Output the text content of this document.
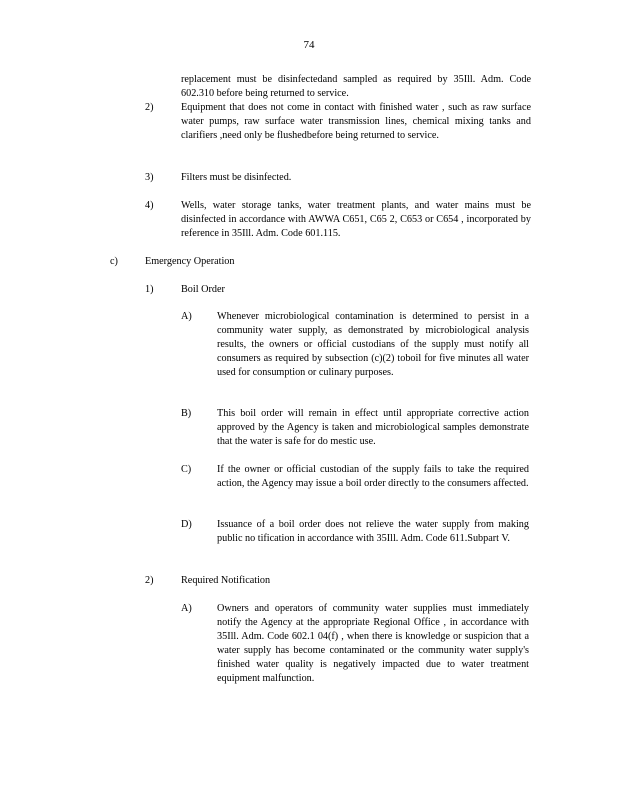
74
replacement must be disinfectedand sampled as required by 35Ill. Adm. Code 602.310 before being returned to service.
2)	Equipment that does not come in contact with finished water , such as raw surface water pumps, raw surface water transmission lines, chemical mixing tanks and clarifiers ,need only be flushedbefore being returned to service.
3)	Filters must be disinfected.
4)	Wells, water storage tanks, water treatment plants, and water mains must be disinfected in accordance with AWWA C651, C65 2, C653 or C654 , incorporated by reference in 35Ill. Adm. Code 601.115.
c)	Emergency Operation
1)	Boil Order
A) Whenever microbiological contamination is determined to persist in a community water supply, as demonstrated by microbiological analysis results, the owners or official custodians of the supply must notify all consumers as required by subsection (c)(2) toboil for five minutes all water used for consumption or culinary purposes.
B)	This boil order will remain in effect until appropriate corrective action approved by the Agency is taken and microbiological samples demonstrate that the water is safe for do mestic use.
C)	If the owner or official custodian of the supply fails to take the required action, the Agency may issue a boil order directly to the consumers affected.
D) Issuance of a boil order does not relieve the water supply from making public no tification in accordance with 35Ill. Adm. Code 611.Subpart V.
2)	Required Notification
A) Owners and operators of community water supplies must immediately notify the Agency at the appropriate Regional Office , in accordance with 35Ill. Adm. Code 602.1 04(f) , when there is knowledge or suspicion that a water supply has become contaminated or the community water supply's finished water quality is negatively impacted due to water treatment equipment malfunction.
